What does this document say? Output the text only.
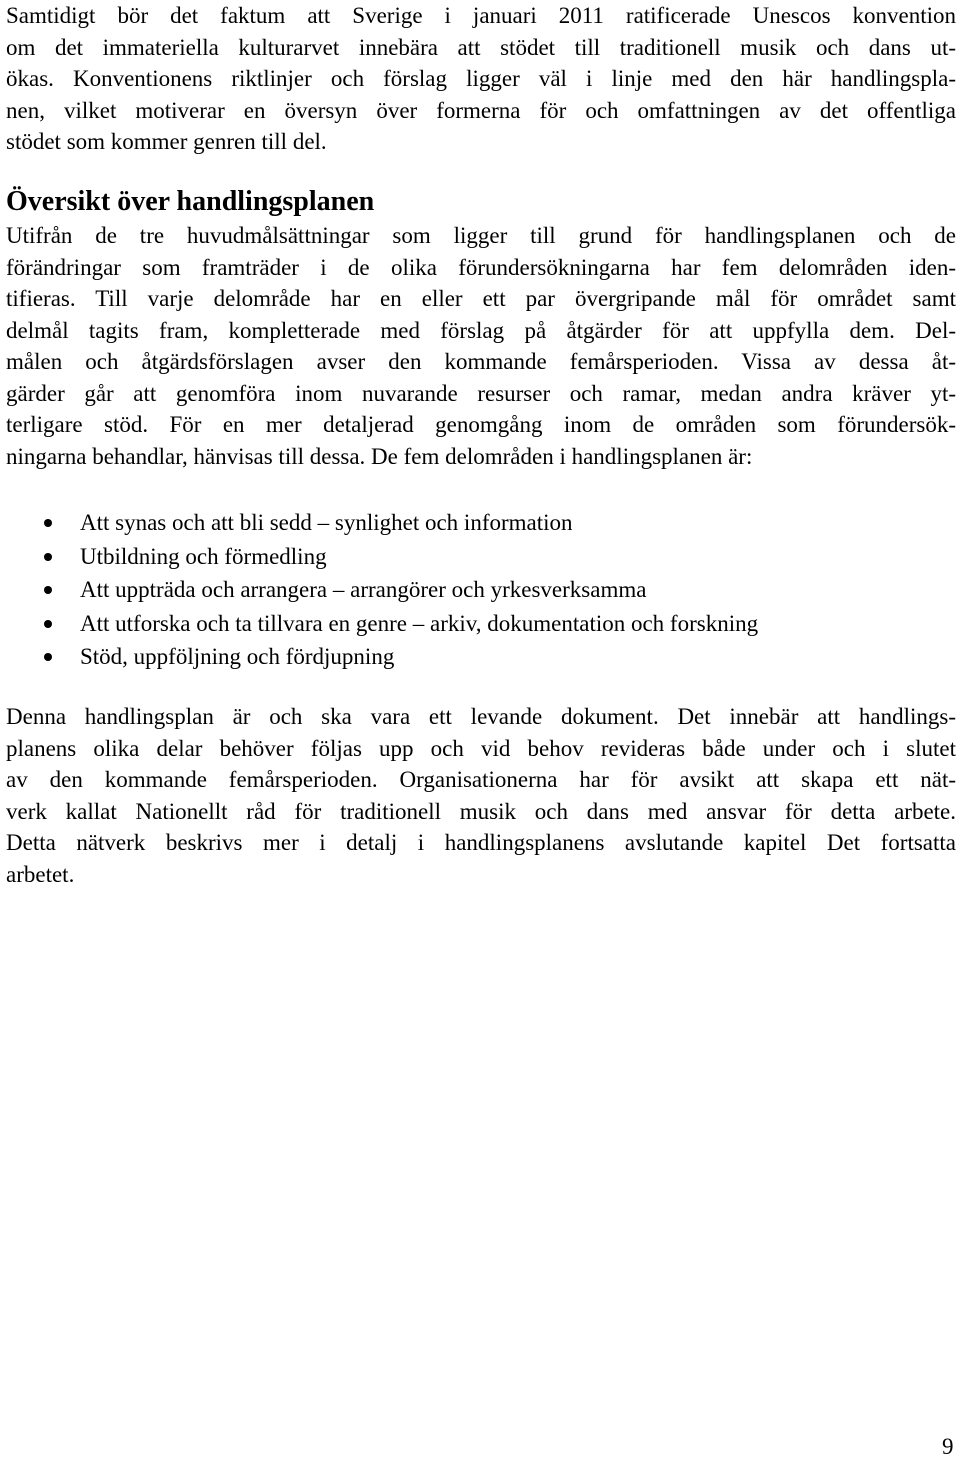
Samtidigt bör det faktum att Sverige i januari 2011 ratificerade Unescos konvention
om det immateriella kulturarvet innebära att stödet till traditionell musik och dans ut-
ökas. Konventionens riktlinjer och förslag ligger väl i linje med den här handlingspla-
nen, vilket motiverar en översyn över formerna för och omfattningen av det offentliga
stödet som kommer genren till del.

Översikt över handlingsplanen

Utifrån de tre huvudmålsättningar som ligger till grund för handlingsplanen och de
förändringar som framträder i de olika förundersökningarna har fem delområden iden-
tifieras. Till varje delområde har en eller ett par övergripande mål för området samt
delmål tagits fram, kompletterade med förslag på åtgärder för att uppfylla dem. Del-
målen och åtgärdsförslagen avser den kommande femårsperioden. Vissa av dessa åt-
gärder går att genomföra inom nuvarande resurser och ramar, medan andra kräver yt-
terligare stöd. För en mer detaljerad genomgång inom de områden som förundersök-
ningarna behandlar, hänvisas till dessa. De fem delområden i handlingsplanen är:

Att synas och att bli sedd – synlighet och information
Utbildning och förmedling
Att uppträda och arrangera – arrangörer och yrkesverksamma
Att utforska och ta tillvara en genre – arkiv, dokumentation och forskning
Stöd, uppföljning och fördjupning

Denna handlingsplan är och ska vara ett levande dokument. Det innebär att handlings-
planens olika delar behöver följas upp och vid behov revideras både under och i slutet
av den kommande femårsperioden. Organisationerna har för avsikt att skapa ett nät-
verk kallat Nationellt råd för traditionell musik och dans med ansvar för detta arbete.
Detta nätverk beskrivs mer i detalj i handlingsplanens avslutande kapitel Det fortsatta
arbetet.

9
